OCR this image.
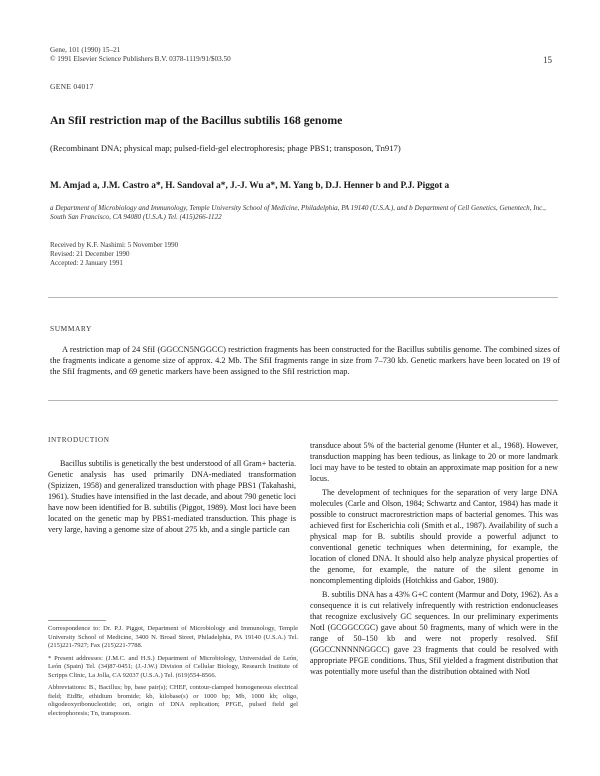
Gene, 101 (1990) 15–21
© 1991 Elsevier Science Publishers B.V. 0378-1119/91/$03.50	15
GENE 04017
An SfiI restriction map of the Bacillus subtilis 168 genome
(Recombinant DNA; physical map; pulsed-field-gel electrophoresis; phage PBS1; transposon, Tn917)
M. Amjad a, J.M. Castro a*, H. Sandoval a*, J.-J. Wu a*, M. Yang b, D.J. Henner b and P.J. Piggot a
a Department of Microbiology and Immunology, Temple University School of Medicine, Philadelphia, PA 19140 (U.S.A.), and b Department of Cell Genetics, Genentech, Inc., South San Francisco, CA 94080 (U.S.A.) Tel. (415)266-1122
Received by K.F. Nashimi: 5 November 1990
Revised: 21 December 1990
Accepted: 2 January 1991
SUMMARY
A restriction map of 24 SfiI (GGCCN5NGGCC) restriction fragments has been constructed for the Bacillus subtilis genome. The combined sizes of the fragments indicate a genome size of approx. 4.2 Mb. The SfiI fragments range in size from 7–730 kb. Genetic markers have been located on 19 of the SfiI fragments, and 69 genetic markers have been assigned to the SfiI restriction map.
INTRODUCTION

Bacillus subtilis is genetically the best understood of all Gram+ bacteria. Genetic analysis has used primarily DNA-mediated transformation (Spizizen, 1958) and generalized transduction with phage PBS1 (Takahashi, 1961). Studies have intensified in the last decade, and about 790 genetic loci have now been identified for B. subtilis (Piggot, 1989). Most loci have been located on the genetic map by PBS1-mediated transduction. This phage is very large, having a genome size of about 275 kb, and a single particle can

transduce about 5% of the bacterial genome (Hunter et al., 1968). However, transduction mapping has been tedious, as linkage to 20 or more landmark loci may have to be tested to obtain an approximate map position for a new locus.

The development of techniques for the separation of very large DNA molecules (Carle and Olson, 1984; Schwartz and Cantor, 1984) has made it possible to construct macrorestriction maps of bacterial genomes. This was achieved first for Escherichia coli (Smith et al., 1987). Availability of such a physical map for B. subtilis should provide a powerful adjunct to conventional genetic techniques when determining, for example, the location of cloned DNA. It should also help analyze physical properties of the genome, for example, the nature of the silent genome in noncomplementing diploids (Hotchkiss and Gabor, 1980).

B. subtilis DNA has a 43% G+C content (Marmur and Doty, 1962). As a consequence it is cut relatively infrequently with restriction endonucleases that recognize exclusively GC sequences. In our preliminary experiments NotI (GCGGCCGC) gave about 50 fragments, many of which were in the range of 50–150 kb and were not properly resolved. SfiI (GGCCNNNNNGGCC) gave 23 fragments that could be resolved with appropriate PFGE conditions. Thus, SfiI yielded a fragment distribution that was potentially more useful than the distribution obtained with NotI

Correspondence to: Dr. P.J. Piggot, Department of Microbiology and Immunology, Temple University School of Medicine, 3400 N. Broad Street, Philadelphia, PA 19140 (U.S.A.) Tel. (215)221-7927; Fax (215)221-7788.

* Present addresses: (J.M.C. and H.S.) Department of Microbiology, Universidad de León, León (Spain) Tel. (34)87-0451; (J.-J.W.) Division of Cellular Biology, Research Institute of Scripps Clinic, La Jolla, CA 92037 (U.S.A.) Tel. (619)554-8566.

Abbreviations: B., Bacillus; bp, base pair(s); CHEF, contour-clamped homogeneous electrical field; EtdBr, ethidium bromide; kb, kilobase(s) or 1000 bp; Mb, 1000 kb; oligo, oligodeoxyribonucleotide; ori, origin of DNA replication; PFGE, pulsed field gel electrophoresis; Tn, transposon.
